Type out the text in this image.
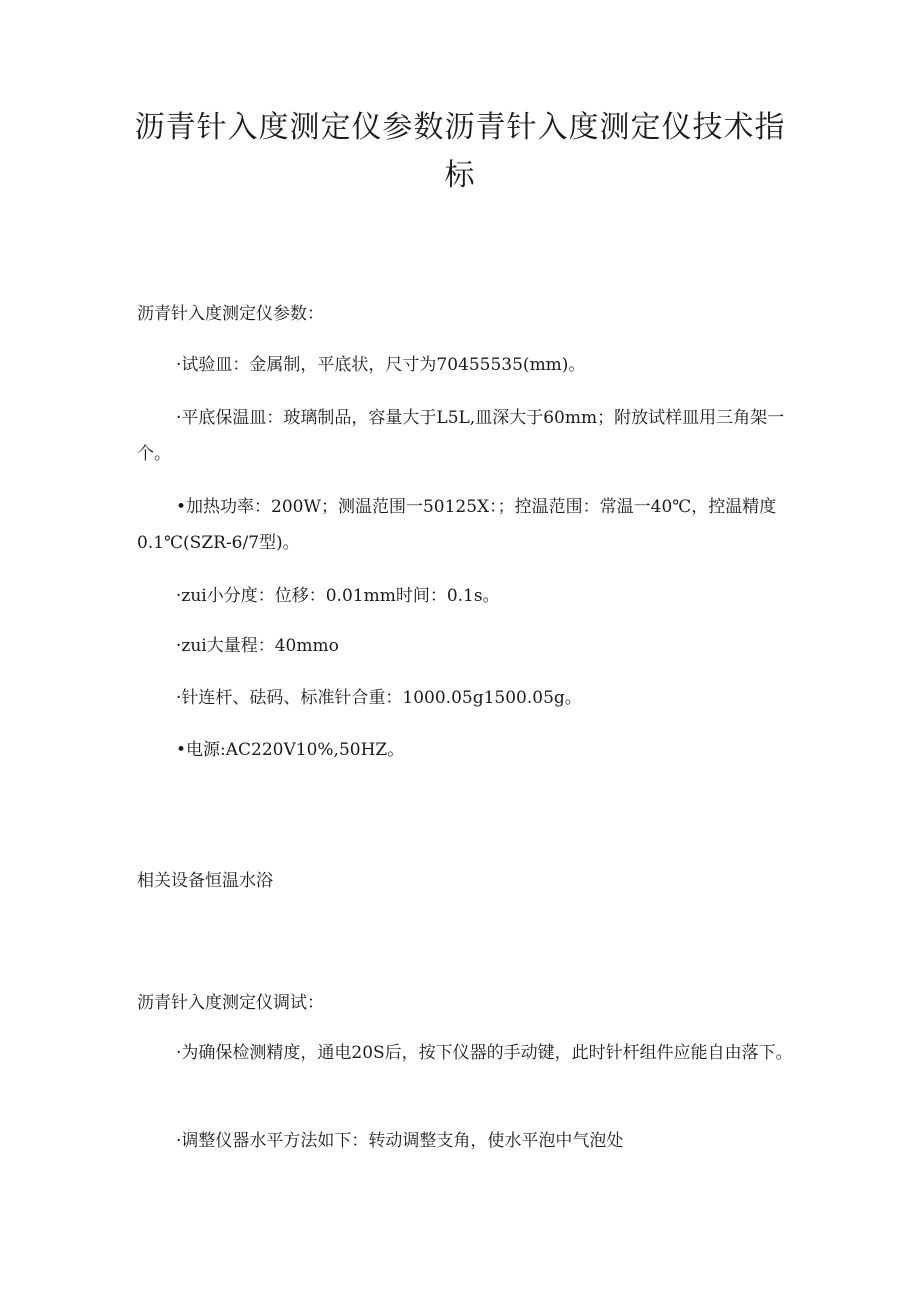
沥青针入度测定仪参数沥青针入度测定仪技术指标

沥青针入度测定仪参数：

·试验皿：金属制，平底状，尺寸为70455535(mm)。

·平底保温皿：玻璃制品，容量大于L5L,皿深大于60mm；附放试样皿用三角架一个。

•加热功率：200W；测温范围一50125X：；控温范围：常温一40℃，控温精度0.1℃(SZR-6/7型)。

·zui小分度：位移：0.01mm时间：0.1s。

·zui大量程：40mmo

·针连杆、砝码、标准针合重：1000.05g1500.05g。

•电源:AC220V10%,50HZ。

相关设备恒温水浴

沥青针入度测定仪调试：

·为确保检测精度，通电20S后，按下仪器的手动键，此时针杆组件应能自由落下。

·调整仪器水平方法如下：转动调整支角，使水平泡中气泡处
